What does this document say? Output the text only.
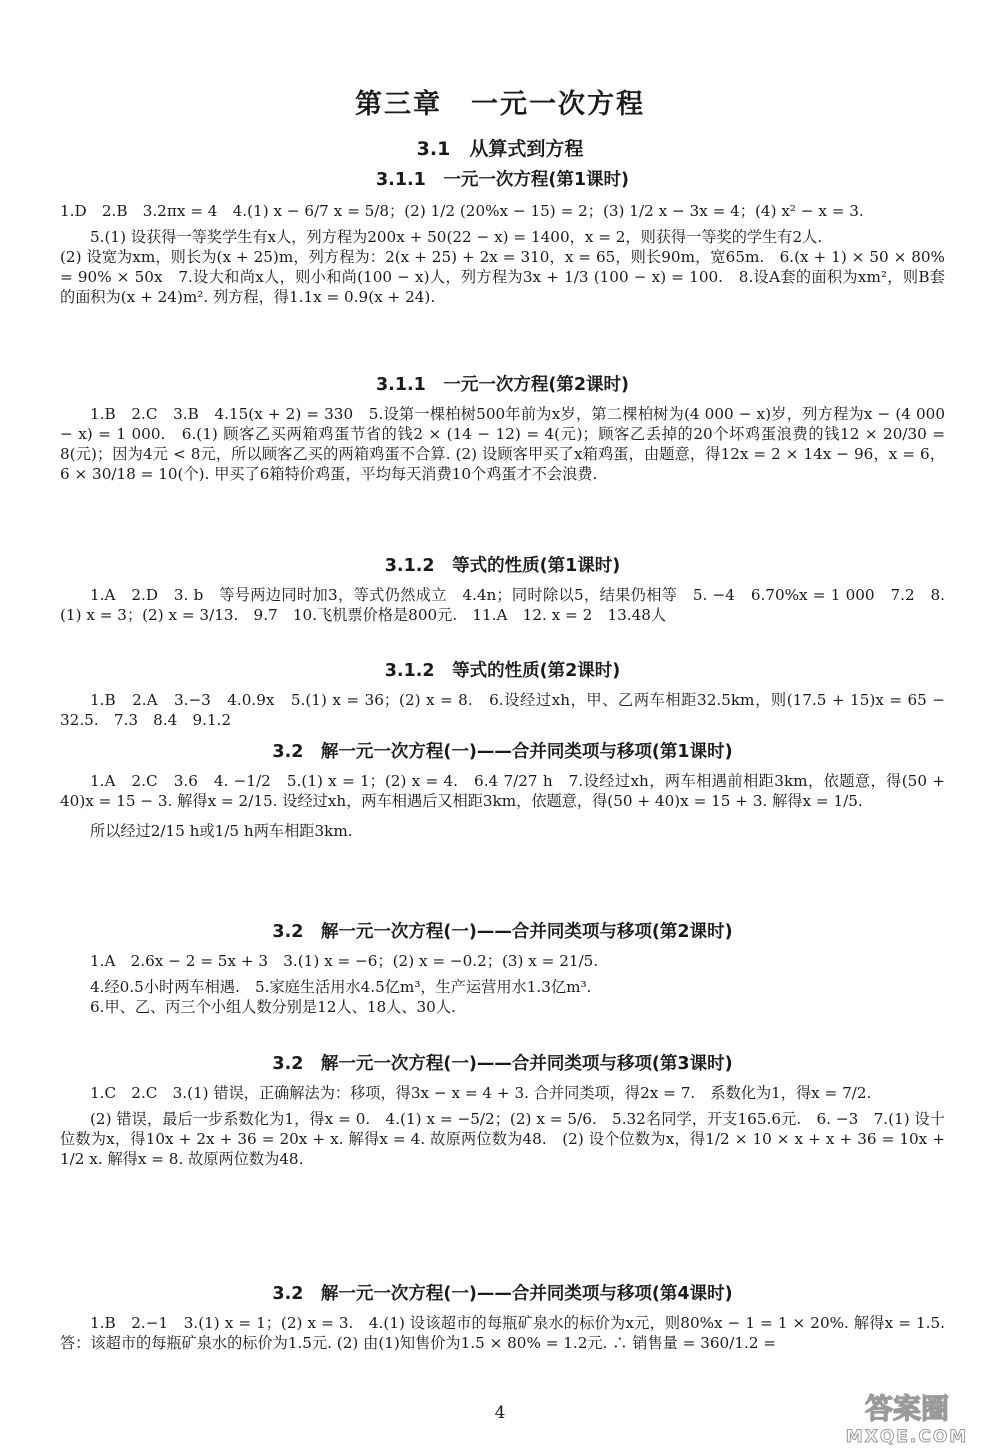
第三章　一元一次方程
3.1　从算式到方程
3.1.1　一元一次方程(第1课时)

1.D　2.B　3.2πx = 4　4.(1) x − 6/7 x = 5/8；(2) 1/2 (20%x − 15) = 2；(3) 1/2 x − 3x = 4；(4) x² − x = 3.

5.(1) 设获得一等奖学生有x人，列方程为200x + 50(22 − x) = 1400，x = 2，则获得一等奖的学生有2人.

(2) 设宽为xm，则长为(x + 25)m，列方程为：2(x + 25) + 2x = 310，x = 65，则长90m，宽65m.　6.(x + 1) × 50 × 80% = 90% × 50x　7.设大和尚x人，则小和尚(100 − x)人，列方程为3x + 1/3 (100 − x) = 100.　8.设A套的面积为xm²，则B套的面积为(x + 24)m². 列方程，得1.1x = 0.9(x + 24).

3.1.1　一元一次方程(第2课时)

1.B　2.C　3.B　4.15(x + 2) = 330　5.设第一棵柏树500年前为x岁，第二棵柏树为(4 000 − x)岁，列方程为x − (4 000 − x) = 1 000.　6.(1) 顾客乙买两箱鸡蛋节省的钱2 × (14 − 12) = 4(元)；顾客乙丢掉的20个坏鸡蛋浪费的钱12 × 20/30 = 8(元)；因为4元 < 8元，所以顾客乙买的两箱鸡蛋不合算. (2) 设顾客甲买了x箱鸡蛋，由题意，得12x = 2 × 14x − 96，x = 6，6 × 30/18 = 10(个). 甲买了6箱特价鸡蛋，平均每天消费10个鸡蛋才不会浪费.

3.1.2　等式的性质(第1课时)

1.A　2.D　3. b　等号两边同时加3，等式仍然成立　4.4n；同时除以5，结果仍相等　5. −4　6.70%x = 1 000　7.2　8.(1) x = 3；(2) x = 3/13.　9.7　10.飞机票价格是800元.　11.A　12. x = 2　13.48人

3.1.2　等式的性质(第2课时)

1.B　2.A　3.−3　4.0.9x　5.(1) x = 36；(2) x = 8.　6.设经过xh，甲、乙两车相距32.5km，则(17.5 + 15)x = 65 − 32.5.　7.3　8.4　9.1.2

3.2　解一元一次方程(一)——合并同类项与移项(第1课时)

1.A　2.C　3.6　4. −1/2　5.(1) x = 1；(2) x = 4.　6.4 7/27 h　7.设经过xh，两车相遇前相距3km，依题意，得(50 + 40)x = 15 − 3. 解得x = 2/15. 设经过xh，两车相遇后又相距3km，依题意，得(50 + 40)x = 15 + 3. 解得x = 1/5.

所以经过2/15 h或1/5 h两车相距3km.

3.2　解一元一次方程(一)——合并同类项与移项(第2课时)

1.A　2.6x − 2 = 5x + 3　3.(1) x = −6；(2) x = −0.2；(3) x = 21/5.

4.经0.5小时两车相遇.　5.家庭生活用水4.5亿m³，生产运营用水1.3亿m³.

6.甲、乙、丙三个小组人数分别是12人、18人、30人.

3.2　解一元一次方程(一)——合并同类项与移项(第3课时)

1.C　2.C　3.(1) 错误，正确解法为：移项，得3x − x = 4 + 3. 合并同类项，得2x = 7.　系数化为1，得x = 7/2.

(2) 错误，最后一步系数化为1，得x = 0.　4.(1) x = −5/2；(2) x = 5/6.　5.32名同学，开支165.6元.　6. −3　7.(1) 设十位数为x，得10x + 2x + 36 = 20x + x. 解得x = 4. 故原两位数为48.　(2) 设个位数为x，得1/2 × 10 × x + x + 36 = 10x + 1/2 x. 解得x = 8. 故原两位数为48.

3.2　解一元一次方程(一)——合并同类项与移项(第4课时)

1.B　2.−1　3.(1) x = 1；(2) x = 3.　4.(1) 设该超市的每瓶矿泉水的标价为x元，则80%x − 1 = 1 × 20%. 解得x = 1.5. 答：该超市的每瓶矿泉水的标价为1.5元. (2) 由(1)知售价为1.5 × 80% = 1.2元. ∴ 销售量 = 360/1.2 =

4	答案圈
MXQE.COM
